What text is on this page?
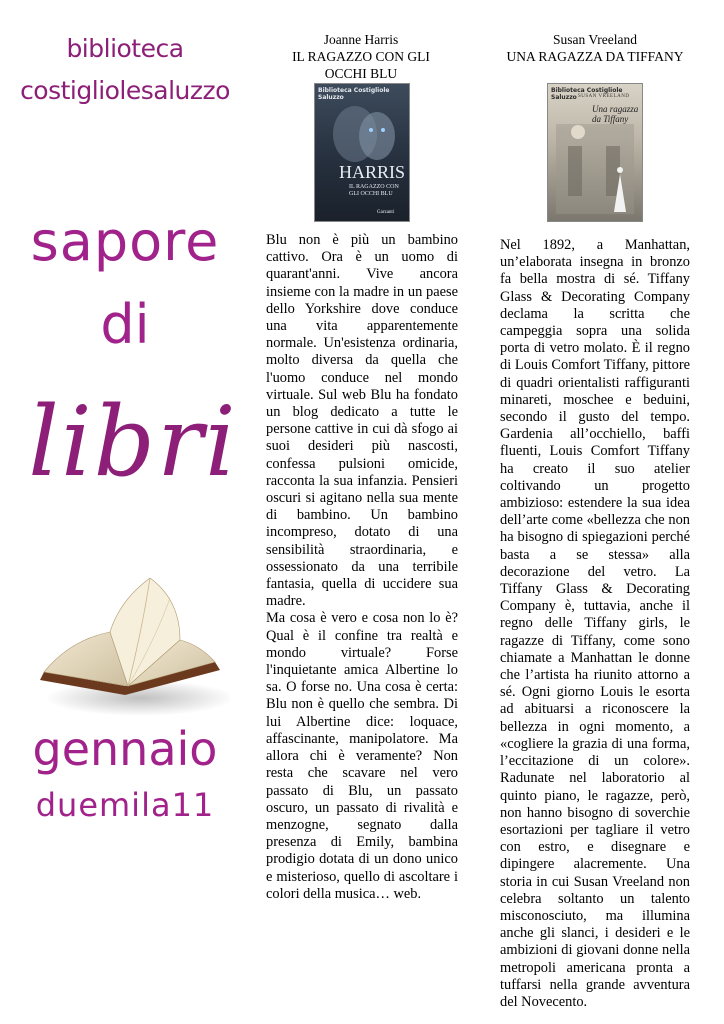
biblioteca
costigliolesaluzzo
sapore
di
libri
gennaio
duemila11
Joanne Harris
IL RAGAZZO CON GLI OCCHI BLU
Biblioteca Costigliole Saluzzo
HARRIS
IL RAGAZZO CON GLI OCCHI BLU
Garzanti

Blu non è più un bambino cattivo. Ora è un uomo di quarant'anni. Vive ancora insieme con la madre in un paese dello Yorkshire dove conduce una vita apparentemente normale. Un'esistenza ordinaria, molto diversa da quella che l'uomo conduce nel mondo virtuale. Sul web Blu ha fondato un blog dedicato a tutte le persone cattive in cui dà sfogo ai suoi desideri più nascosti, confessa pulsioni omicide, racconta la sua infanzia. Pensieri oscuri si agitano nella sua mente di bambino. Un bambino incompreso, dotato di una sensibilità straordinaria, e ossessionato da una terribile fantasia, quella di uccidere sua madre.

Ma cosa è vero e cosa non lo è? Qual è il confine tra realtà e mondo virtuale? Forse l'inquietante amica Albertine lo sa. O forse no. Una cosa è certa: Blu non è quello che sembra. Di lui Albertine dice: loquace, affascinante, manipolatore. Ma allora chi è veramente? Non resta che scavare nel vero passato di Blu, un passato oscuro, un passato di rivalità e menzogne, segnato dalla presenza di Emily, bambina prodigio dotata di un dono unico e misterioso, quello di ascoltare i colori della musica… web.

Susan Vreeland
UNA RAGAZZA DA TIFFANY
Biblioteca Costigliole Saluzzo SUSAN VREELAND
Una ragazza da Tiffany

Nel 1892, a Manhattan, un’elaborata insegna in bronzo fa bella mostra di sé. Tiffany Glass & Decorating Company declama la scritta che campeggia sopra una solida porta di vetro molato. È il regno di Louis Comfort Tiffany, pittore di quadri orientalisti raffiguranti minareti, moschee e beduini, secondo il gusto del tempo. Gardenia all’occhiello, baffi fluenti, Louis Comfort Tiffany ha creato il suo atelier coltivando un progetto ambizioso: estendere la sua idea dell’arte come «bellezza che non ha bisogno di spiegazioni perché basta a se stessa» alla decorazione del vetro. La Tiffany Glass & Decorating Company è, tuttavia, anche il regno delle Tiffany girls, le ragazze di Tiffany, come sono chiamate a Manhattan le donne che l’artista ha riunito attorno a sé. Ogni giorno Louis le esorta ad abituarsi a riconoscere la bellezza in ogni momento, a «cogliere la grazia di una forma, l’eccitazione di un colore». Radunate nel laboratorio al quinto piano, le ragazze, però, non hanno bisogno di soverchie esortazioni per tagliare il vetro con estro, e disegnare e dipingere alacremente. Una storia in cui Susan Vreeland non celebra soltanto un talento misconosciuto, ma illumina anche gli slanci, i desideri e le ambizioni di giovani donne nella metropoli americana pronta a tuffarsi nella grande avventura del Novecento.
